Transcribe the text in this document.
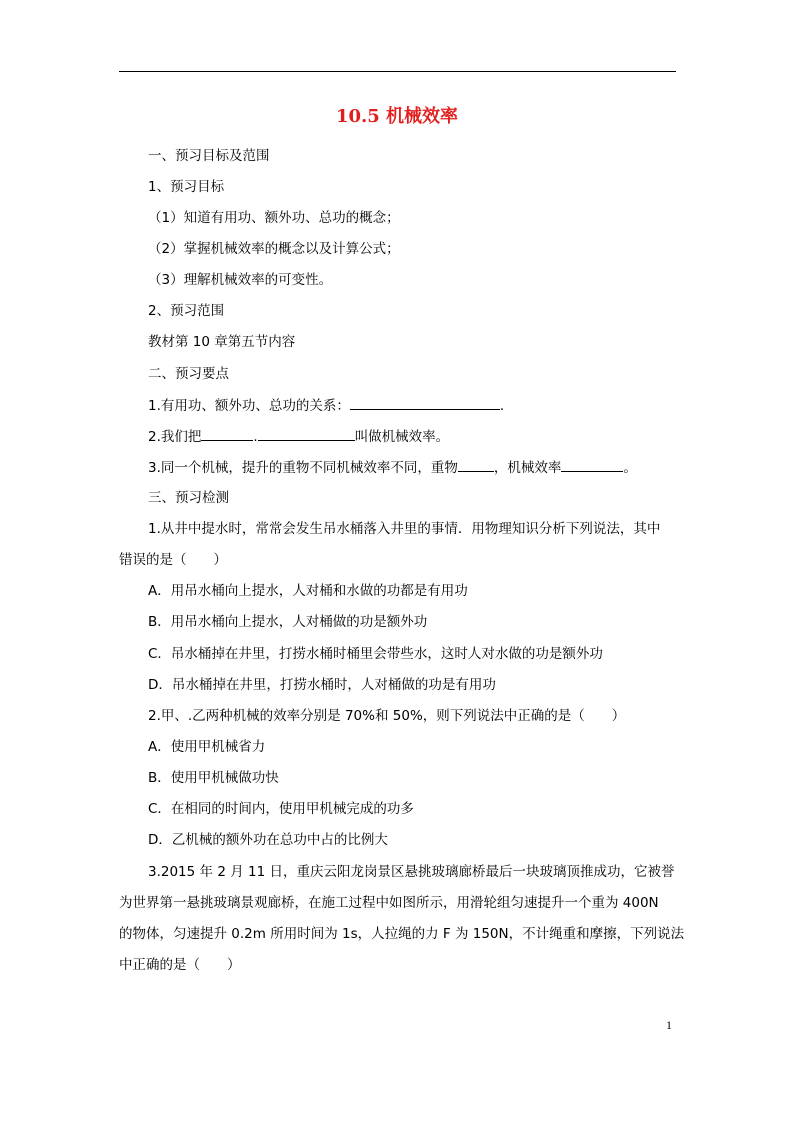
10.5 机械效率
一、预习目标及范围
1、预习目标
（1）知道有用功、额外功、总功的概念；
（2）掌握机械效率的概念以及计算公式；
（3）理解机械效率的可变性。
2、预习范围
教材第 10 章第五节内容
二、预习要点
1.有用功、额外功、总功的关系：	.
2.我们把	.	叫做机械效率。
3.同一个机械，提升的重物不同机械效率不同，重物	，机械效率	。
三、预习检测
1.从井中提水时，常常会发生吊水桶落入井里的事情．用物理知识分析下列说法，其中
错误的是（　　）
A．用吊水桶向上提水，人对桶和水做的功都是有用功
B．用吊水桶向上提水，人对桶做的功是额外功
C．吊水桶掉在井里，打捞水桶时桶里会带些水，这时人对水做的功是额外功
D．吊水桶掉在井里，打捞水桶时，人对桶做的功是有用功
2.甲、.乙两种机械的效率分别是 70%和 50%，则下列说法中正确的是（　　）
A．使用甲机械省力
B．使用甲机械做功快
C．在相同的时间内，使用甲机械完成的功多
D．乙机械的额外功在总功中占的比例大
3.2015 年 2 月 11 日，重庆云阳龙岗景区悬挑玻璃廊桥最后一块玻璃顶推成功，它被誉
为世界第一悬挑玻璃景观廊桥，在施工过程中如图所示，用滑轮组匀速提升一个重为 400N
的物体，匀速提升 0.2m 所用时间为 1s，人拉绳的力 F 为 150N，不计绳重和摩擦，下列说法
中正确的是（　　）
1
